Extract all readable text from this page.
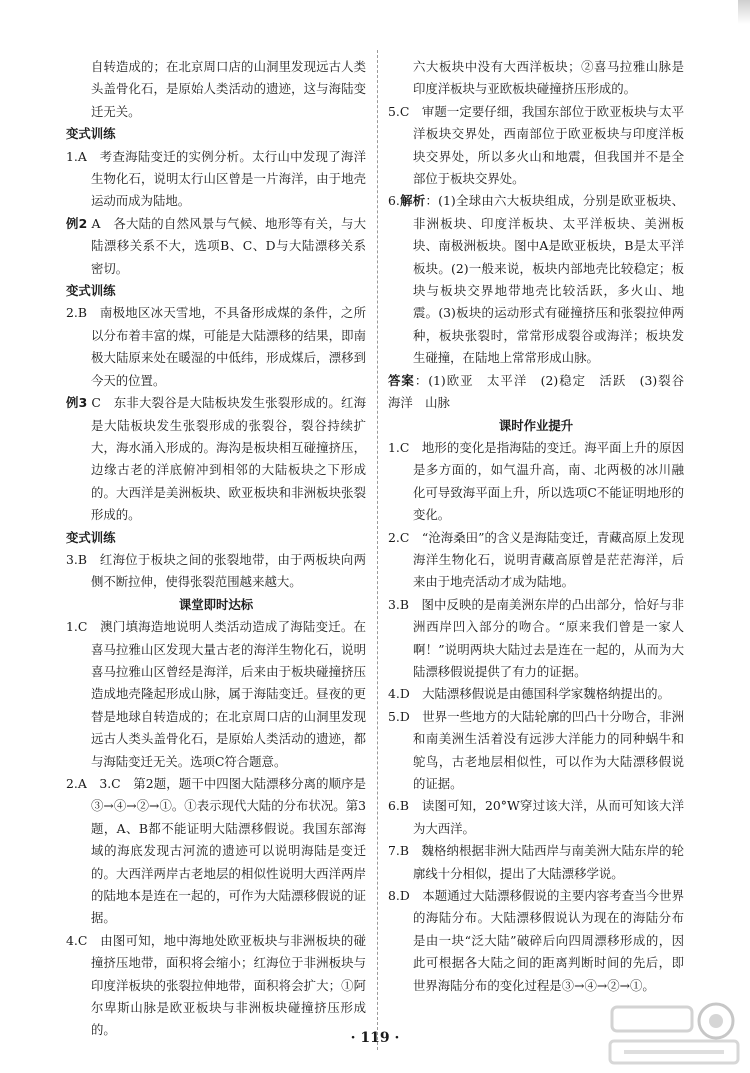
自转造成的；在北京周口店的山洞里发现远古人类头盖骨化石，是原始人类活动的遗迹，这与海陆变迁无关。
变式训练
1.A　考查海陆变迁的实例分析。太行山中发现了海洋生物化石，说明太行山区曾是一片海洋，由于地壳运动而成为陆地。
例2 A　各大陆的自然风景与气候、地形等有关，与大陆漂移关系不大，选项B、C、D与大陆漂移关系密切。
变式训练
2.B　南极地区冰天雪地，不具备形成煤的条件，之所以分布着丰富的煤，可能是大陆漂移的结果，即南极大陆原来处在暖湿的中低纬，形成煤后，漂移到今天的位置。
例3 C　东非大裂谷是大陆板块发生张裂形成的。红海是大陆板块发生张裂形成的张裂谷，裂谷持续扩大，海水涌入形成的。海沟是板块相互碰撞挤压，边缘古老的洋底俯冲到相邻的大陆板块之下形成的。大西洋是美洲板块、欧亚板块和非洲板块张裂形成的。
变式训练
3.B　红海位于板块之间的张裂地带，由于两板块向两侧不断拉伸，使得张裂范围越来越大。
课堂即时达标
1.C　澳门填海造地说明人类活动造成了海陆变迁。在喜马拉雅山区发现大量古老的海洋生物化石，说明喜马拉雅山区曾经是海洋，后来由于板块碰撞挤压造成地壳隆起形成山脉，属于海陆变迁。昼夜的更替是地球自转造成的；在北京周口店的山洞里发现远古人类头盖骨化石，是原始人类活动的遗迹，都与海陆变迁无关。选项C符合题意。
2.A　3.C　第2题，题干中四图大陆漂移分离的顺序是③→④→②→①。①表示现代大陆的分布状况。第3题，A、B都不能证明大陆漂移假说。我国东部海域的海底发现古河流的遗迹可以说明海陆是变迁的。大西洋两岸古老地层的相似性说明大西洋两岸的陆地本是连在一起的，可作为大陆漂移假说的证据。
4.C　由图可知，地中海地处欧亚板块与非洲板块的碰撞挤压地带，面积将会缩小；红海位于非洲板块与印度洋板块的张裂拉伸地带，面积将会扩大；①阿尔卑斯山脉是欧亚板块与非洲板块碰撞挤压形成的。
六大板块中没有大西洋板块；②喜马拉雅山脉是印度洋板块与亚欧板块碰撞挤压形成的。
5.C　审题一定要仔细，我国东部位于欧亚板块与太平洋板块交界处，西南部位于欧亚板块与印度洋板块交界处，所以多火山和地震，但我国并不是全部位于板块交界处。
6.解析：(1)全球由六大板块组成，分别是欧亚板块、非洲板块、印度洋板块、太平洋板块、美洲板块、南极洲板块。图中A是欧亚板块，B是太平洋板块。(2)一般来说，板块内部地壳比较稳定；板块与板块交界地带地壳比较活跃，多火山、地震。(3)板块的运动形式有碰撞挤压和张裂拉伸两种，板块张裂时，常常形成裂谷或海洋；板块发生碰撞，在陆地上常常形成山脉。
答案：(1)欧亚　太平洋　(2)稳定　活跃　(3)裂谷　海洋　山脉
课时作业提升
1.C　地形的变化是指海陆的变迁。海平面上升的原因是多方面的，如气温升高，南、北两极的冰川融化可导致海平面上升，所以选项C不能证明地形的变化。
2.C　“沧海桑田”的含义是海陆变迁，青藏高原上发现海洋生物化石，说明青藏高原曾是茫茫海洋，后来由于地壳活动才成为陆地。
3.B　图中反映的是南美洲东岸的凸出部分，恰好与非洲西岸凹入部分的吻合。“原来我们曾是一家人啊！”说明两块大陆过去是连在一起的，从而为大陆漂移假说提供了有力的证据。
4.D　大陆漂移假说是由德国科学家魏格纳提出的。
5.D　世界一些地方的大陆轮廓的凹凸十分吻合，非洲和南美洲生活着没有远涉大洋能力的同种蜗牛和鸵鸟，古老地层相似性，可以作为大陆漂移假说的证据。
6.B　读图可知，20°W穿过该大洋，从而可知该大洋为大西洋。
7.B　魏格纳根据非洲大陆西岸与南美洲大陆东岸的轮廓线十分相似，提出了大陆漂移学说。
8.D　本题通过大陆漂移假说的主要内容考查当今世界的海陆分布。大陆漂移假说认为现在的海陆分布是由一块“泛大陆”破碎后向四周漂移形成的，因此可根据各大陆之间的距离判断时间的先后，即世界海陆分布的变化过程是③→④→②→①。
· 119 ·
